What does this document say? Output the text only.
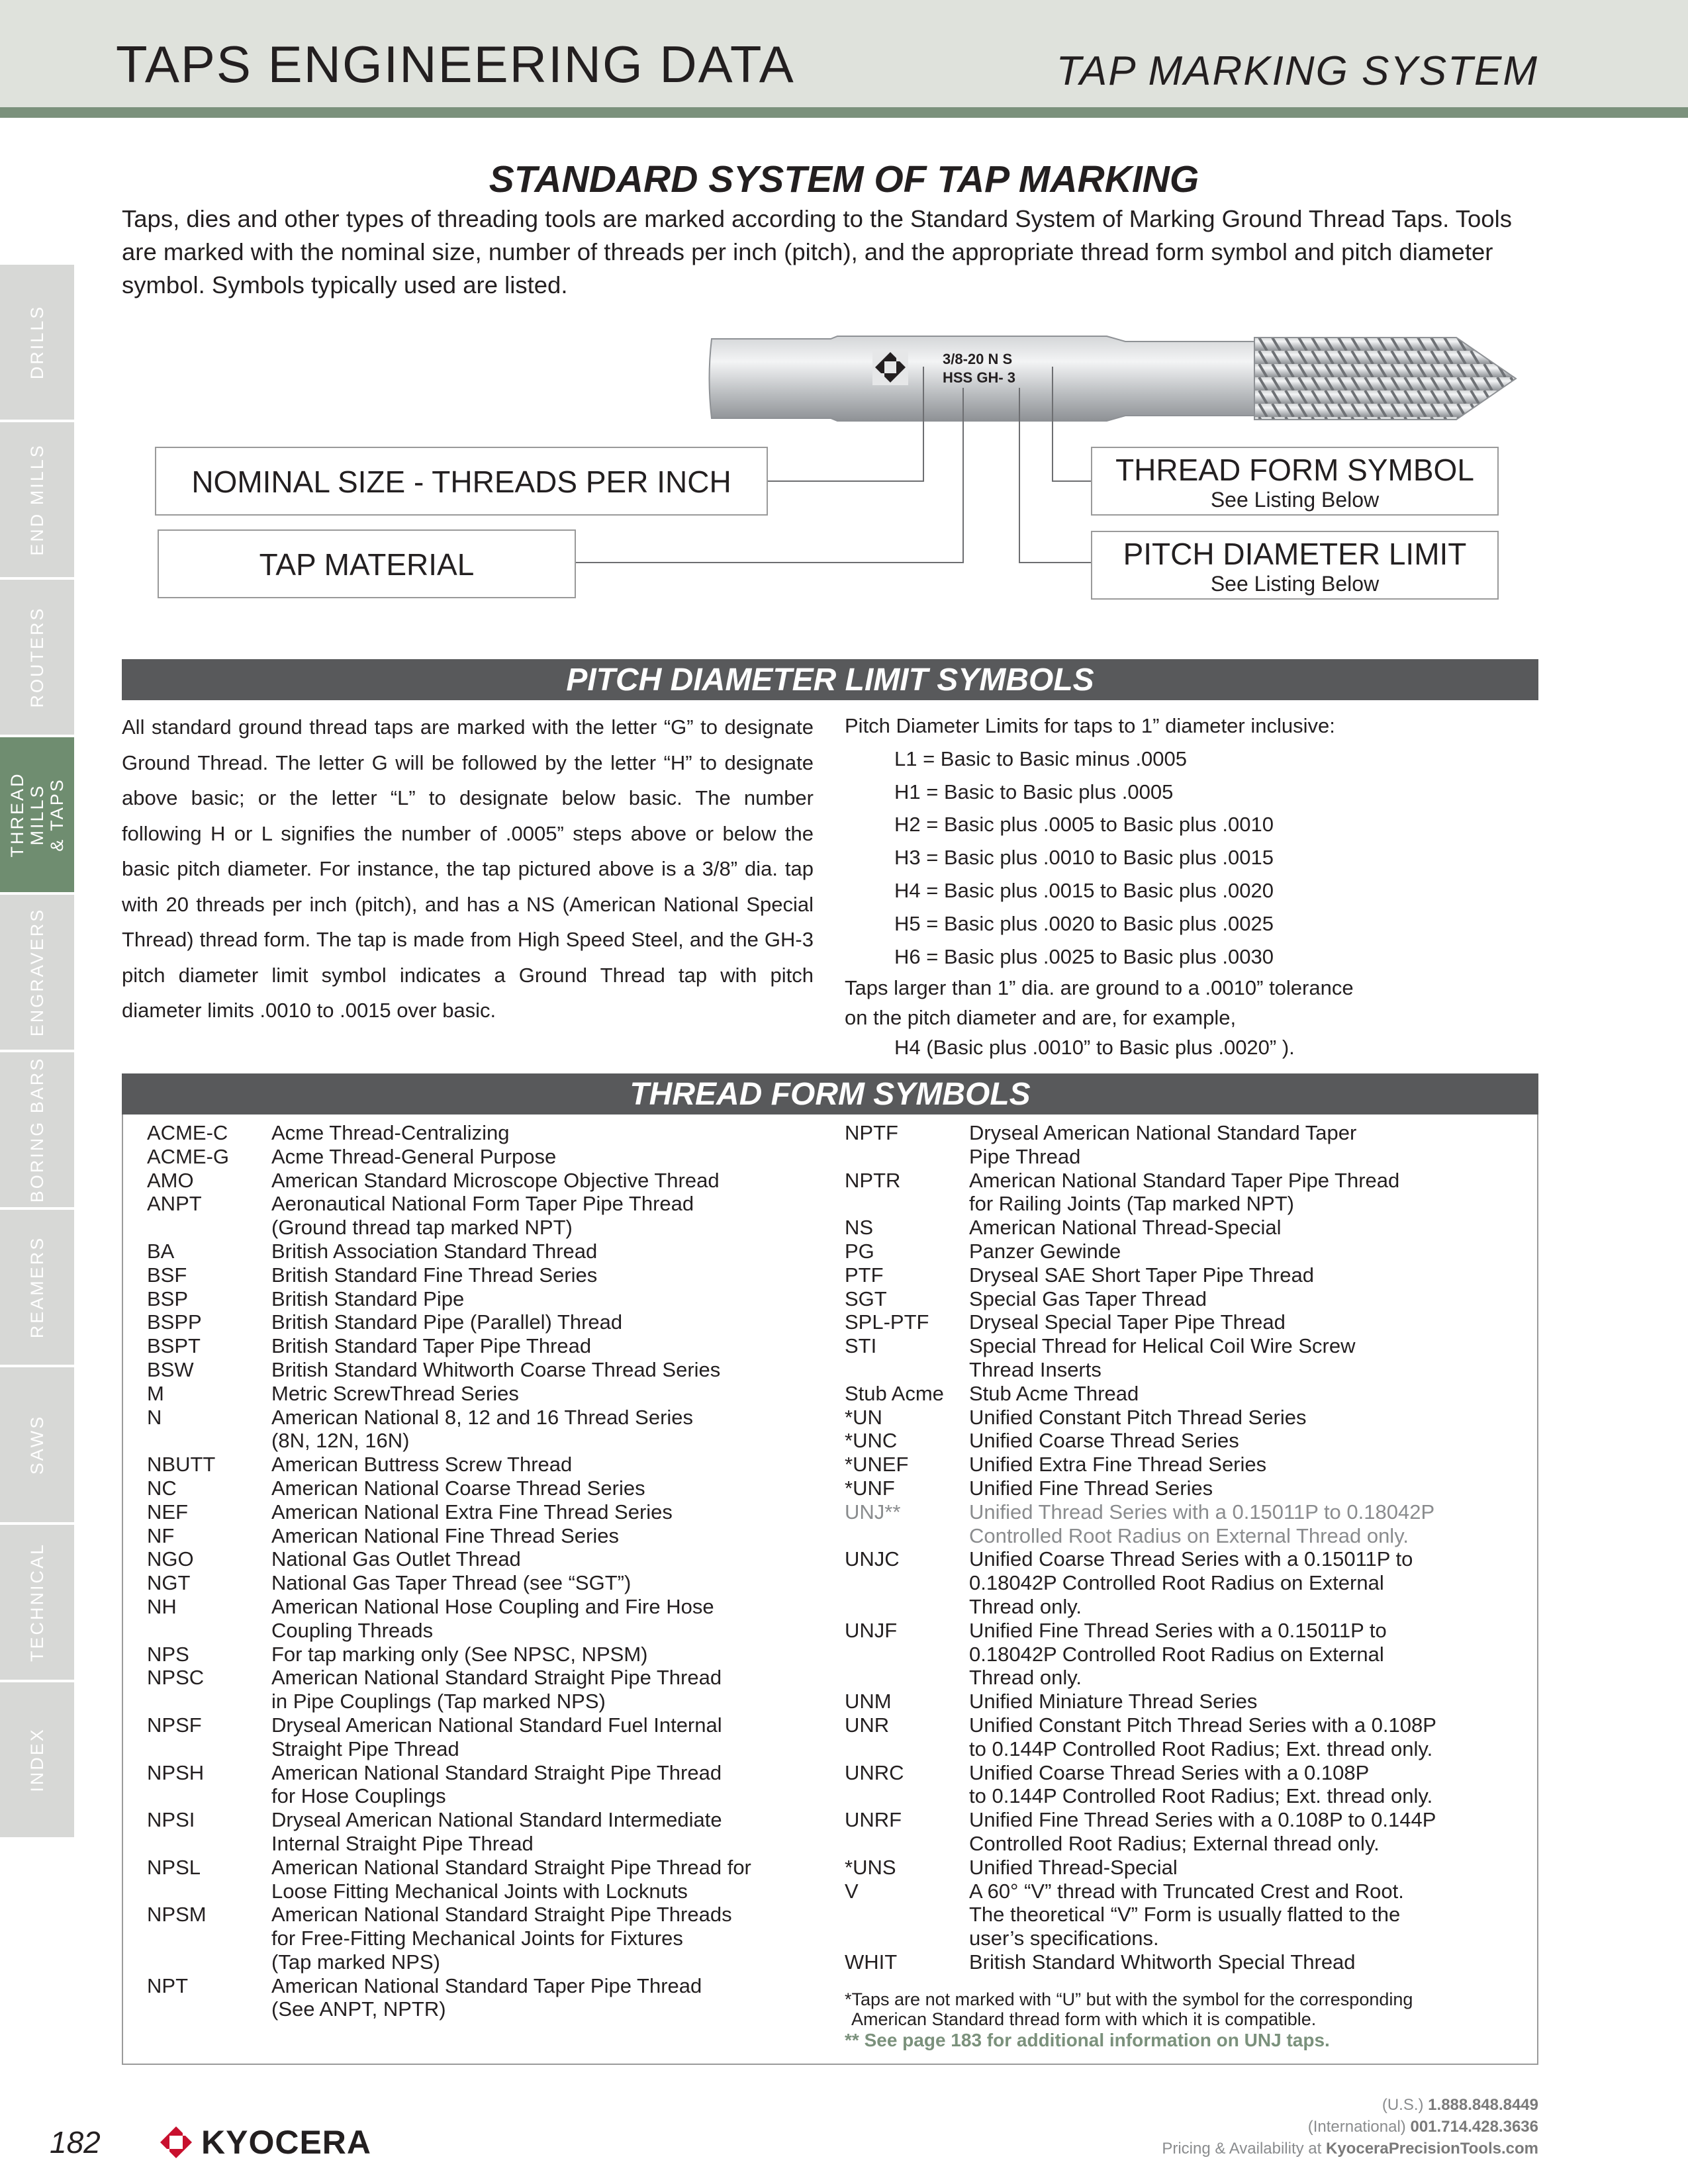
TAPS ENGINEERING DATA	TAP MARKING SYSTEM
DRILLS
END MILLS
ROUTERS
THREAD MILLS
& TAPS
ENGRAVERS
BORING BARS
REAMERS
SAWS
TECHNICAL
INDEX
STANDARD SYSTEM OF TAP MARKING
Taps, dies and other types of threading tools are marked according to the Standard System of Marking Ground Thread Taps. Tools are marked with the nominal size, number of threads per inch (pitch), and the appropriate thread form symbol and pitch diameter symbol. Symbols typically used are listed.
3/8-20 N S
HSS GH- 3
NOMINAL SIZE - THREADS PER INCH
TAP MATERIAL
THREAD FORM SYMBOL
See Listing Below
PITCH DIAMETER LIMIT
See Listing Below
PITCH DIAMETER LIMIT SYMBOLS
All standard ground thread taps are marked with the letter “G” to designate Ground Thread. The letter G will be followed by the letter “H” to designate above basic; or the letter “L” to designate below basic. The number following H or L signifies the number of .0005” steps above or below the basic pitch diameter. For instance, the tap pictured above is a 3/8” dia. tap with 20 threads per inch (pitch), and has a NS (American National Special Thread) thread form. The tap is made from High Speed Steel, and the GH-3 pitch diameter limit symbol indicates a Ground Thread tap with pitch diameter limits .0010 to .0015 over basic.
Pitch Diameter Limits for taps to 1” diameter inclusive:
L1 = Basic to Basic minus .0005
H1 = Basic to Basic plus .0005
H2 = Basic plus .0005 to Basic plus .0010
H3 = Basic plus .0010 to Basic plus .0015
H4 = Basic plus .0015 to Basic plus .0020
H5 = Basic plus .0020 to Basic plus .0025
H6 = Basic plus .0025 to Basic plus .0030
Taps larger than 1” dia. are ground to a .0010” tolerance
on the pitch diameter and are, for example,
H4 (Basic plus .0010” to Basic plus .0020” ).
THREAD FORM SYMBOLS
ACME-C	Acme Thread-Centralizing
ACME-G	Acme Thread-General Purpose
AMO	American Standard Microscope Objective Thread
ANPT	Aeronautical National Form Taper Pipe Thread
(Ground thread tap marked NPT)
BA	British Association Standard Thread
BSF	British Standard Fine Thread Series
BSP	British Standard Pipe
BSPP	British Standard Pipe (Parallel) Thread
BSPT	British Standard Taper Pipe Thread
BSW	British Standard Whitworth Coarse Thread Series
M	Metric ScrewThread Series
N	American National 8, 12 and 16 Thread Series
(8N, 12N, 16N)
NBUTT	American Buttress Screw Thread
NC	American National Coarse Thread Series
NEF	American National Extra Fine Thread Series
NF	American National Fine Thread Series
NGO	National Gas Outlet Thread
NGT	National Gas Taper Thread (see “SGT”)
NH	American National Hose Coupling and Fire Hose
Coupling Threads
NPS	For tap marking only (See NPSC, NPSM)
NPSC	American National Standard Straight Pipe Thread
in Pipe Couplings (Tap marked NPS)
NPSF	Dryseal American National Standard Fuel Internal
Straight Pipe Thread
NPSH	American National Standard Straight Pipe Thread
for Hose Couplings
NPSI	Dryseal American National Standard Intermediate
Internal Straight Pipe Thread
NPSL	American National Standard Straight Pipe Thread for
Loose Fitting Mechanical Joints with Locknuts
NPSM	American National Standard Straight Pipe Threads
for Free-Fitting Mechanical Joints for Fixtures
(Tap marked NPS)
NPT	American National Standard Taper Pipe Thread
(See ANPT, NPTR)
NPTF	Dryseal American National Standard Taper
Pipe Thread
NPTR	American National Standard Taper Pipe Thread
for Railing Joints (Tap marked NPT)
NS	American National Thread-Special
PG	Panzer Gewinde
PTF	Dryseal SAE Short Taper Pipe Thread
SGT	Special Gas Taper Thread
SPL-PTF	Dryseal Special Taper Pipe Thread
STI	Special Thread for Helical Coil Wire Screw
Thread Inserts
Stub Acme	Stub Acme Thread
*UN	Unified Constant Pitch Thread Series
*UNC	Unified Coarse Thread Series
*UNEF	Unified Extra Fine Thread Series
*UNF	Unified Fine Thread Series
UNJ**	Unified Thread Series with a 0.15011P to 0.18042P
Controlled Root Radius on External Thread only.
UNJC	Unified Coarse Thread Series with a 0.15011P to
0.18042P Controlled Root Radius on External
Thread only.
UNJF	Unified Fine Thread Series with a 0.15011P to
0.18042P Controlled Root Radius on External
Thread only.
UNM	Unified Miniature Thread Series
UNR	Unified Constant Pitch Thread Series with a 0.108P
to 0.144P Controlled Root Radius; Ext. thread only.
UNRC	Unified Coarse Thread Series with a 0.108P
to 0.144P Controlled Root Radius; Ext. thread only.
UNRF	Unified Fine Thread Series with a 0.108P to 0.144P
Controlled Root Radius; External thread only.
*UNS	Unified Thread-Special
V	A 60° “V” thread with Truncated Crest and Root.
The theoretical “V” Form is usually flatted to the
user’s specifications.
WHIT	British Standard Whitworth Special Thread
*Taps are not marked with “U” but with the symbol for the corresponding
American Standard thread form with which it is compatible.
** See page 183 for additional information on UNJ taps.
182	KYOCERA
(U.S.) 1.888.848.8449
(International) 001.714.428.3636
Pricing & Availability at KyoceraPrecisionTools.com
